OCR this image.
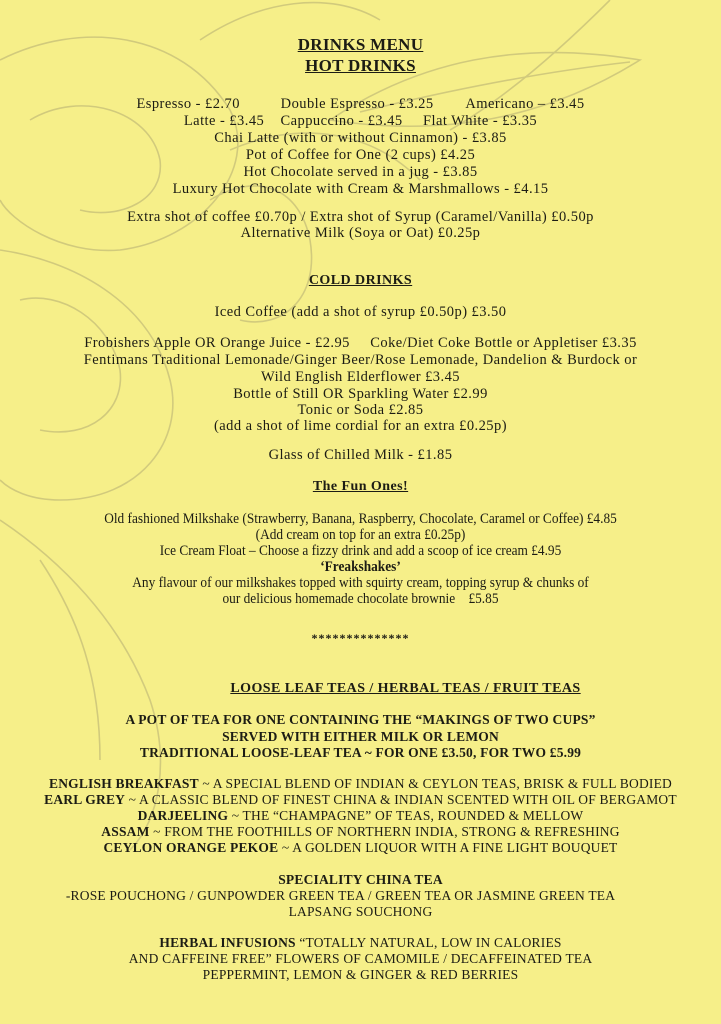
DRINKS MENU
HOT DRINKS
Espresso - £2.70          Double Espresso - £3.25        Americano – £3.45
Latte - £3.45    Cappuccino - £3.45     Flat White - £3.35
Chai Latte (with or without Cinnamon) - £3.85
Pot of Coffee for One (2 cups) £4.25
Hot Chocolate served in a jug - £3.85
Luxury Hot Chocolate with Cream & Marshmallows - £4.15
Extra shot of coffee £0.70p / Extra shot of Syrup (Caramel/Vanilla) £0.50p
Alternative Milk (Soya or Oat) £0.25p
COLD DRINKS
Iced Coffee (add a shot of syrup £0.50p) £3.50
Frobishers Apple OR Orange Juice - £2.95     Coke/Diet Coke Bottle or Appletiser £3.35
Fentimans Traditional Lemonade/Ginger Beer/Rose Lemonade, Dandelion & Burdock or
Wild English Elderflower £3.45
Bottle of Still OR Sparkling Water £2.99
Tonic or Soda £2.85
(add a shot of lime cordial for an extra £0.25p)
Glass of Chilled Milk - £1.85
The Fun Ones!
Old fashioned Milkshake (Strawberry, Banana, Raspberry, Chocolate, Caramel or Coffee) £4.85
(Add cream on top for an extra £0.25p)
Ice Cream Float – Choose a fizzy drink and add a scoop of ice cream £4.95
‘Freakshakes’
Any flavour of our milkshakes topped with squirty cream, topping syrup & chunks of
our delicious homemade chocolate brownie    £5.85
**************
LOOSE LEAF TEAS / HERBAL TEAS / FRUIT TEAS
A POT OF TEA FOR ONE CONTAINING THE “MAKINGS OF TWO CUPS”
SERVED WITH EITHER MILK OR LEMON
TRADITIONAL LOOSE-LEAF TEA ~ FOR ONE £3.50, FOR TWO £5.99
ENGLISH BREAKFAST ~ A SPECIAL BLEND OF INDIAN & CEYLON TEAS, BRISK & FULL BODIED
EARL GREY ~ A CLASSIC BLEND OF FINEST CHINA & INDIAN SCENTED WITH OIL OF BERGAMOT
DARJEELING ~ THE “CHAMPAGNE” OF TEAS, ROUNDED & MELLOW
ASSAM ~ FROM THE FOOTHILLS OF NORTHERN INDIA, STRONG & REFRESHING
CEYLON ORANGE PEKOE ~ A GOLDEN LIQUOR WITH A FINE LIGHT BOUQUET
SPECIALITY CHINA TEA
-ROSE POUCHONG / GUNPOWDER GREEN TEA / GREEN TEA OR JASMINE GREEN TEA
LAPSANG SOUCHONG
HERBAL INFUSIONS “TOTALLY NATURAL, LOW IN CALORIES
AND CAFFEINE FREE” FLOWERS OF CAMOMILE / DECAFFEINATED TEA
PEPPERMINT, LEMON & GINGER & RED BERRIES
